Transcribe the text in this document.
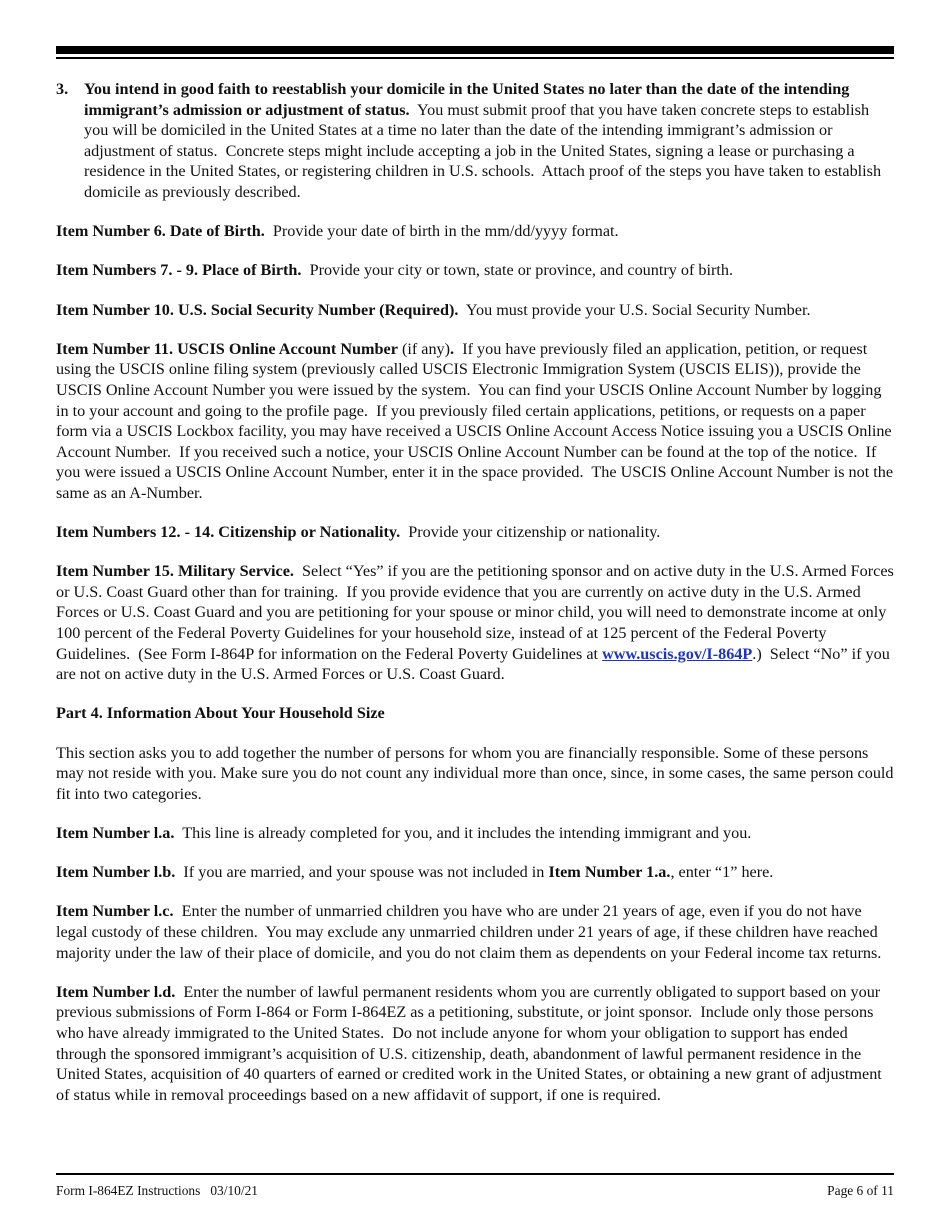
3. You intend in good faith to reestablish your domicile in the United States no later than the date of the intending immigrant’s admission or adjustment of status.  You must submit proof that you have taken concrete steps to establish you will be domiciled in the United States at a time no later than the date of the intending immigrant’s admission or adjustment of status.  Concrete steps might include accepting a job in the United States, signing a lease or purchasing a residence in the United States, or registering children in U.S. schools.  Attach proof of the steps you have taken to establish domicile as previously described.

Item Number 6. Date of Birth.  Provide your date of birth in the mm/dd/yyyy format.

Item Numbers 7. - 9. Place of Birth.  Provide your city or town, state or province, and country of birth.

Item Number 10. U.S. Social Security Number (Required).  You must provide your U.S. Social Security Number.

Item Number 11. USCIS Online Account Number (if any).  If you have previously filed an application, petition, or request using the USCIS online filing system (previously called USCIS Electronic Immigration System (USCIS ELIS)), provide the USCIS Online Account Number you were issued by the system.  You can find your USCIS Online Account Number by logging in to your account and going to the profile page.  If you previously filed certain applications, petitions, or requests on a paper form via a USCIS Lockbox facility, you may have received a USCIS Online Account Access Notice issuing you a USCIS Online Account Number.  If you received such a notice, your USCIS Online Account Number can be found at the top of the notice.  If you were issued a USCIS Online Account Number, enter it in the space provided.  The USCIS Online Account Number is not the same as an A-Number.

Item Numbers 12. - 14. Citizenship or Nationality.  Provide your citizenship or nationality.

Item Number 15. Military Service.  Select “Yes” if you are the petitioning sponsor and on active duty in the U.S. Armed Forces or U.S. Coast Guard other than for training.  If you provide evidence that you are currently on active duty in the U.S. Armed Forces or U.S. Coast Guard and you are petitioning for your spouse or minor child, you will need to demonstrate income at only 100 percent of the Federal Poverty Guidelines for your household size, instead of at 125 percent of the Federal Poverty Guidelines.  (See Form I-864P for information on the Federal Poverty Guidelines at www.uscis.gov/I-864P.)  Select “No” if you are not on active duty in the U.S. Armed Forces or U.S. Coast Guard.

Part 4. Information About Your Household Size

This section asks you to add together the number of persons for whom you are financially responsible. Some of these persons may not reside with you. Make sure you do not count any individual more than once, since, in some cases, the same person could fit into two categories.

Item Number l.a.  This line is already completed for you, and it includes the intending immigrant and you.

Item Number l.b.  If you are married, and your spouse was not included in Item Number 1.a., enter “1” here.

Item Number l.c.  Enter the number of unmarried children you have who are under 21 years of age, even if you do not have legal custody of these children.  You may exclude any unmarried children under 21 years of age, if these children have reached majority under the law of their place of domicile, and you do not claim them as dependents on your Federal income tax returns.

Item Number l.d.  Enter the number of lawful permanent residents whom you are currently obligated to support based on your previous submissions of Form I-864 or Form I-864EZ as a petitioning, substitute, or joint sponsor.  Include only those persons who have already immigrated to the United States.  Do not include anyone for whom your obligation to support has ended through the sponsored immigrant’s acquisition of U.S. citizenship, death, abandonment of lawful permanent residence in the United States, acquisition of 40 quarters of earned or credited work in the United States, or obtaining a new grant of adjustment of status while in removal proceedings based on a new affidavit of support, if one is required.

Form I-864EZ Instructions   03/10/21	Page 6 of 11
